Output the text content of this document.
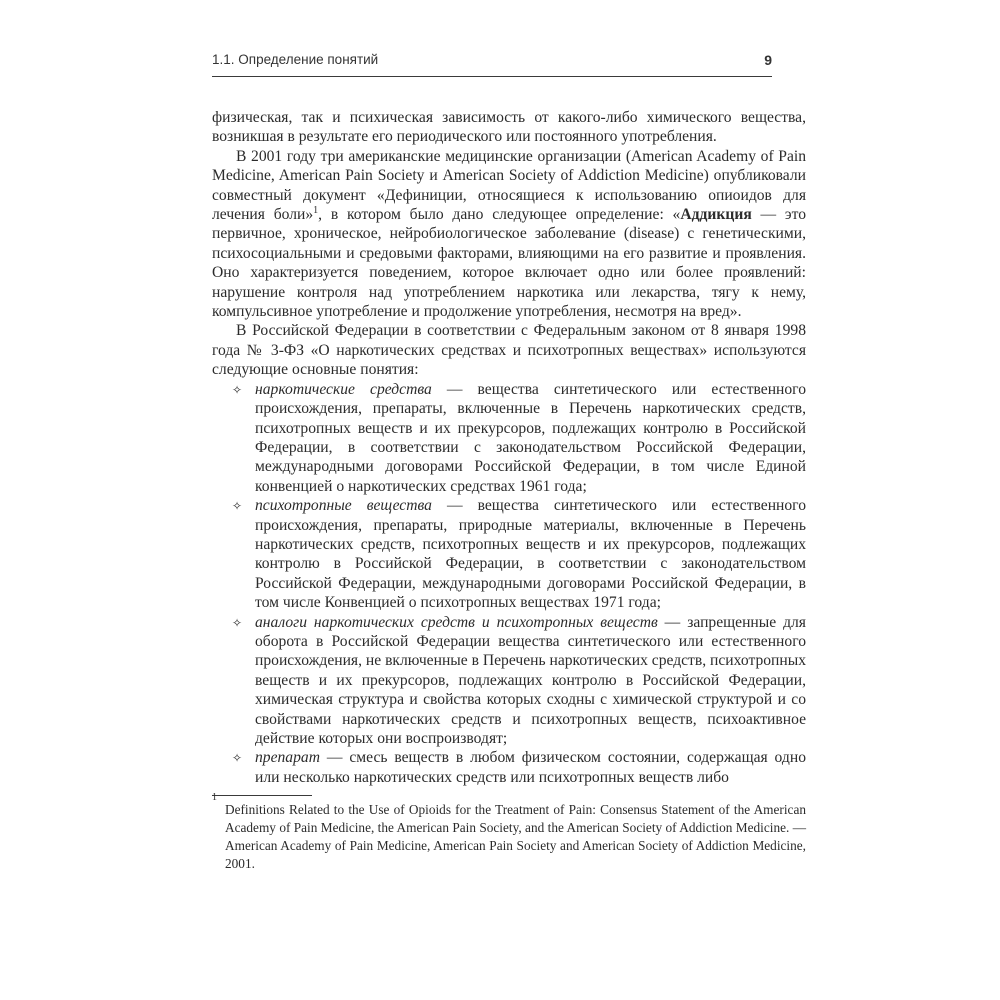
1.1. Определение понятий	9

физическая, так и психическая зависимость от какого-либо химического вещества, возникшая в результате его периодического или постоянного употребления.

В 2001 году три американские медицинские организации (American Academy of Pain Medicine, American Pain Society и American Society of Addiction Medicine) опубликовали совместный документ «Дефиниции, относящиеся к использованию опиоидов для лечения боли»$^1$, в котором было дано следующее определение: «Аддикция — это первичное, хроническое, нейробиологическое заболевание (disease) с генетическими, психосоциальными и средовыми факторами, влияющими на его развитие и проявления. Оно характеризуется поведением, которое включает одно или более проявлений: нарушение контроля над употреблением наркотика или лекарства, тягу к нему, компульсивное употребление и продолжение употребления, несмотря на вред».

В Российской Федерации в соответствии с Федеральным законом от 8 января 1998 года № 3-ФЗ «О наркотических средствах и психотропных веществах» используются следующие основные понятия:

✧ наркотические средства — вещества синтетического или естественного происхождения, препараты, включенные в Перечень наркотических средств, психотропных веществ и их прекурсоров, подлежащих контролю в Российской Федерации, в соответствии с законодательством Российской Федерации, международными договорами Российской Федерации, в том числе Единой конвенцией о наркотических средствах 1961 года;
✧ психотропные вещества — вещества синтетического или естественного происхождения, препараты, природные материалы, включенные в Перечень наркотических средств, психотропных веществ и их прекурсоров, подлежащих контролю в Российской Федерации, в соответствии с законодательством Российской Федерации, международными договорами Российской Федерации, в том числе Конвенцией о психотропных веществах 1971 года;
✧ аналоги наркотических средств и психотропных веществ — запрещенные для оборота в Российской Федерации вещества синтетического или естественного происхождения, не включенные в Перечень наркотических средств, психотропных веществ и их прекурсоров, подлежащих контролю в Российской Федерации, химическая структура и свойства которых сходны с химической структурой и со свойствами наркотических средств и психотропных веществ, психоактивное действие которых они воспроизводят;
✧ препарат — смесь веществ в любом физическом состоянии, содержащая одно или несколько наркотических средств или психотропных веществ либо
1
Definitions Related to the Use of Opioids for the Treatment of Pain: Consensus Statement of the American Academy of Pain Medicine, the American Pain Society, and the American Society of Addiction Medicine. — American Academy of Pain Medicine, American Pain Society and American Society of Addiction Medicine, 2001.
